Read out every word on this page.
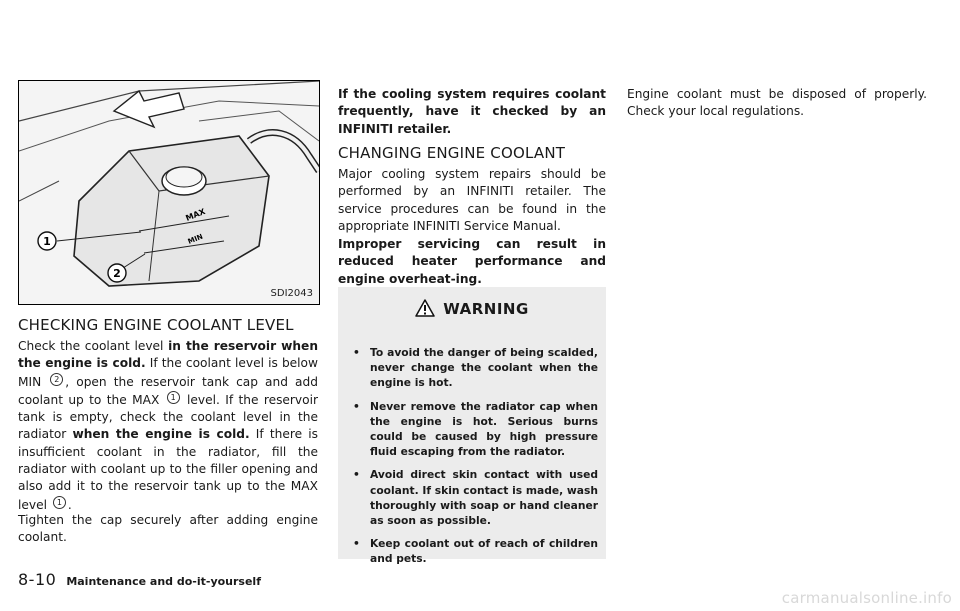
MAX
MIN
1
2
SDI2043
CHECKING ENGINE COOLANT LEVEL

Check the coolant level in the reservoir when the engine is cold. If the coolant level is below MIN 2 , open the reservoir tank cap and add coolant up to the MAX 1 level. If the reservoir tank is empty, check the coolant level in the radiator when the engine is cold. If there is insufficient coolant in the radiator, fill the radiator with coolant up to the filler opening and also add it to the reservoir tank up to the MAX level 1 .

Tighten the cap securely after adding engine coolant.

If the cooling system requires coolant frequently, have it checked by an INFINITI retailer.

CHANGING ENGINE COOLANT

Major cooling system repairs should be performed by an INFINITI retailer. The service procedures can be found in the appropriate INFINITI Service Manual.

Improper servicing can result in reduced heater performance and engine overheat-ing.

WARNING
• To avoid the danger of being scalded, never change the coolant when the engine is hot.
• Never remove the radiator cap when the engine is hot. Serious burns could be caused by high pressure fluid escaping from the radiator.
• Avoid direct skin contact with used coolant. If skin contact is made, wash thoroughly with soap or hand cleaner as soon as possible.
• Keep coolant out of reach of children and pets.

Engine coolant must be disposed of properly. Check your local regulations.

8-10 Maintenance and do-it-yourself
carmanualsonline.info
